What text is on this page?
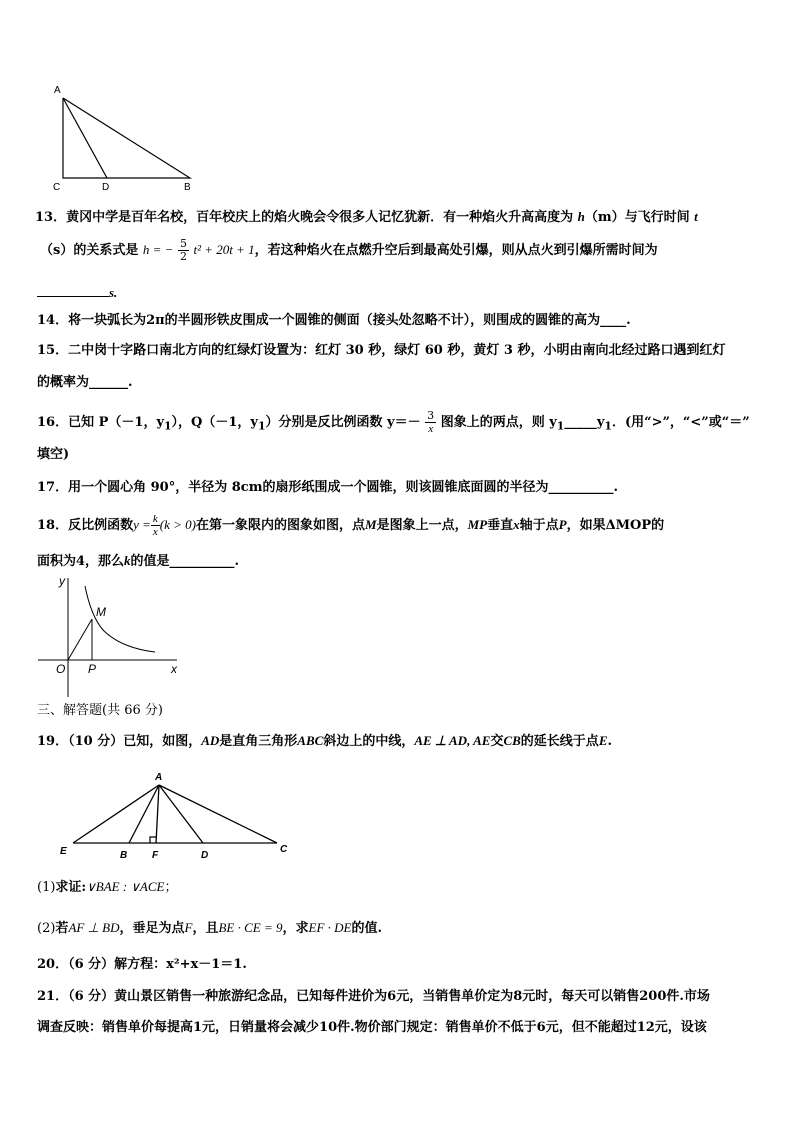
A
C	D	B
13．黄冈中学是百年名校，百年校庆上的焰火晚会令很多人记忆犹新．有一种焰火升高高度为 h（m）与飞行时间 t
（s）的关系式是 h = − $\frac{5}{2} t^2 + 20t + 1$，若这种焰火在点燃升空后到最高处引爆，则从点火到引爆所需时间为
s.
14．将一块弧长为2π的半圆形铁皮围成一个圆锥的侧面（接头处忽略不计），则围成的圆锥的高为____.
15．二中岗十字路口南北方向的红绿灯设置为：红灯 30 秒，绿灯 60 秒，黄灯 3 秒，小明由南向北经过路口遇到红灯
的概率为______.
16．已知 P（－1，$y_1$），Q（－1，$y_1$）分别是反比例函数 $y=- \frac{3}{x}$ 图象上的两点，则 $y_1\_\_\_\_\_y_1$．(用“>”，“<”或“＝”
填空)
17．用一个圆心角 90°，半径为 8cm的扇形纸围成一个圆锥，则该圆锥底面圆的半径为__________.
18．反比例函数$y = \frac{k}{x} (k > 0)$在第一象限内的图象如图，点M是图象上一点，MP垂直x轴于点P，如果ΔMOP的
面积为4，那么k的值是__________.
y
M
O P	x
三、解答题(共 66 分)
19．（10 分）已知，如图，AD是直角三角形ABC斜边上的中线，AE ⊥ AD, AE交CB的延长线于点E.
A
E	B F	D
C
(1)求证:∨BAE : ∨ACE；
(2)若AF ⊥ BD，垂足为点F，且BE · CE = 9，求EF · DE的值.
20．（6 分）解方程：x²+x－1＝1.
21．（6 分）黄山景区销售一种旅游纪念品，已知每件进价为6元，当销售单价定为8元时，每天可以销售200件.市场
调查反映：销售单价每提高1元，日销量将会减少10件.物价部门规定：销售单价不低于6元，但不能超过12元，设该
